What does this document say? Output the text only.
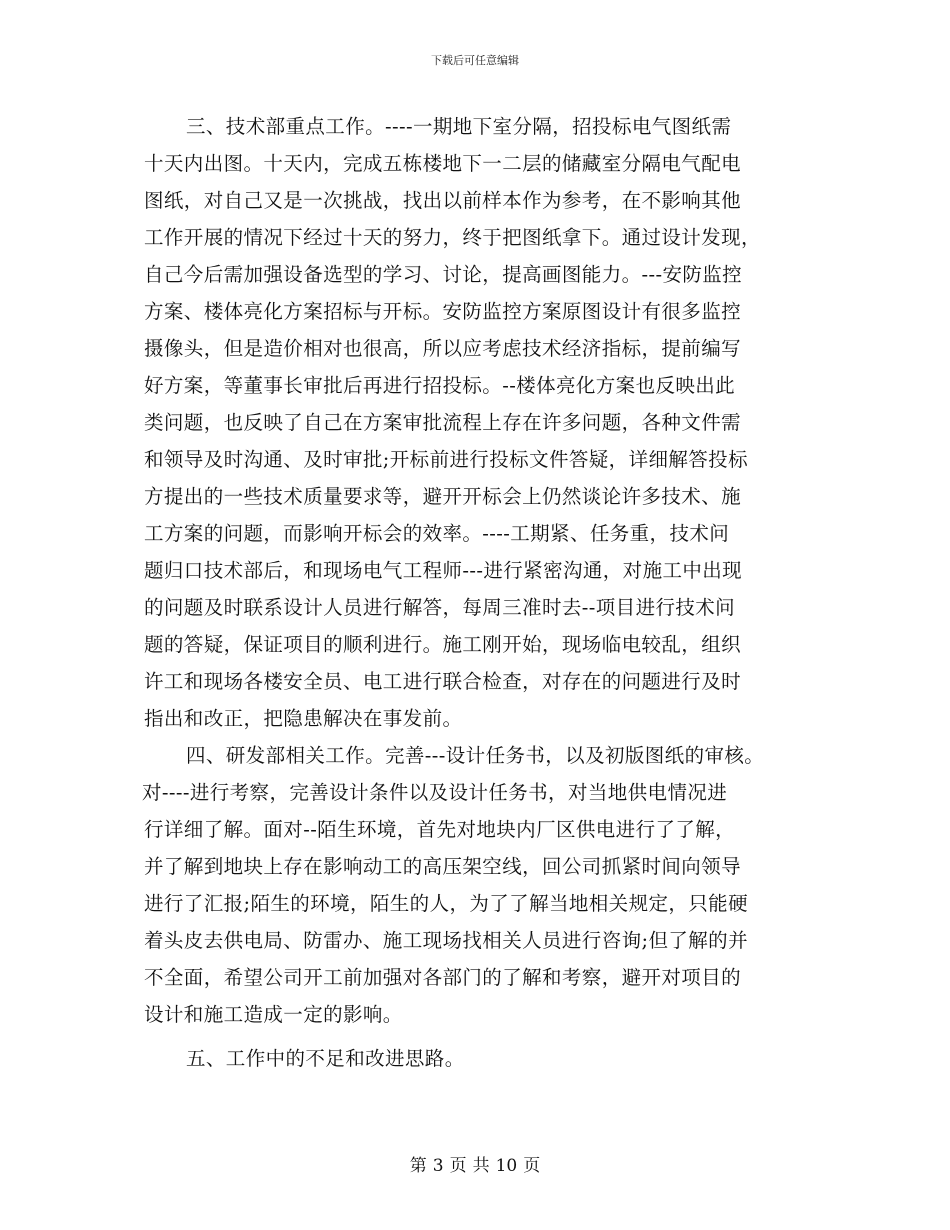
下载后可任意编辑
三、技术部重点工作。----一期地下室分隔，招投标电气图纸需
十天内出图。十天内，完成五栋楼地下一二层的储藏室分隔电气配电
图纸，对自己又是一次挑战，找出以前样本作为参考，在不影响其他
工作开展的情况下经过十天的努力，终于把图纸拿下。通过设计发现，
自己今后需加强设备选型的学习、讨论，提高画图能力。---安防监控
方案、楼体亮化方案招标与开标。安防监控方案原图设计有很多监控
摄像头，但是造价相对也很高，所以应考虑技术经济指标，提前编写
好方案，等董事长审批后再进行招投标。--楼体亮化方案也反映出此
类问题，也反映了自己在方案审批流程上存在许多问题，各种文件需
和领导及时沟通、及时审批;开标前进行投标文件答疑，详细解答投标
方提出的一些技术质量要求等，避开开标会上仍然谈论许多技术、施
工方案的问题，而影响开标会的效率。----工期紧、任务重，技术问
题归口技术部后，和现场电气工程师---进行紧密沟通，对施工中出现
的问题及时联系设计人员进行解答，每周三准时去--项目进行技术问
题的答疑，保证项目的顺利进行。施工刚开始，现场临电较乱，组织
许工和现场各楼安全员、电工进行联合检查，对存在的问题进行及时
指出和改正，把隐患解决在事发前。
四、研发部相关工作。完善---设计任务书，以及初版图纸的审核。
对----进行考察，完善设计条件以及设计任务书，对当地供电情况进
行详细了解。面对--陌生环境，首先对地块内厂区供电进行了了解，
并了解到地块上存在影响动工的高压架空线，回公司抓紧时间向领导
进行了汇报;陌生的环境，陌生的人，为了了解当地相关规定，只能硬
着头皮去供电局、防雷办、施工现场找相关人员进行咨询;但了解的并
不全面，希望公司开工前加强对各部门的了解和考察，避开对项目的
设计和施工造成一定的影响。
五、工作中的不足和改进思路。
第 3 页 共 10 页
